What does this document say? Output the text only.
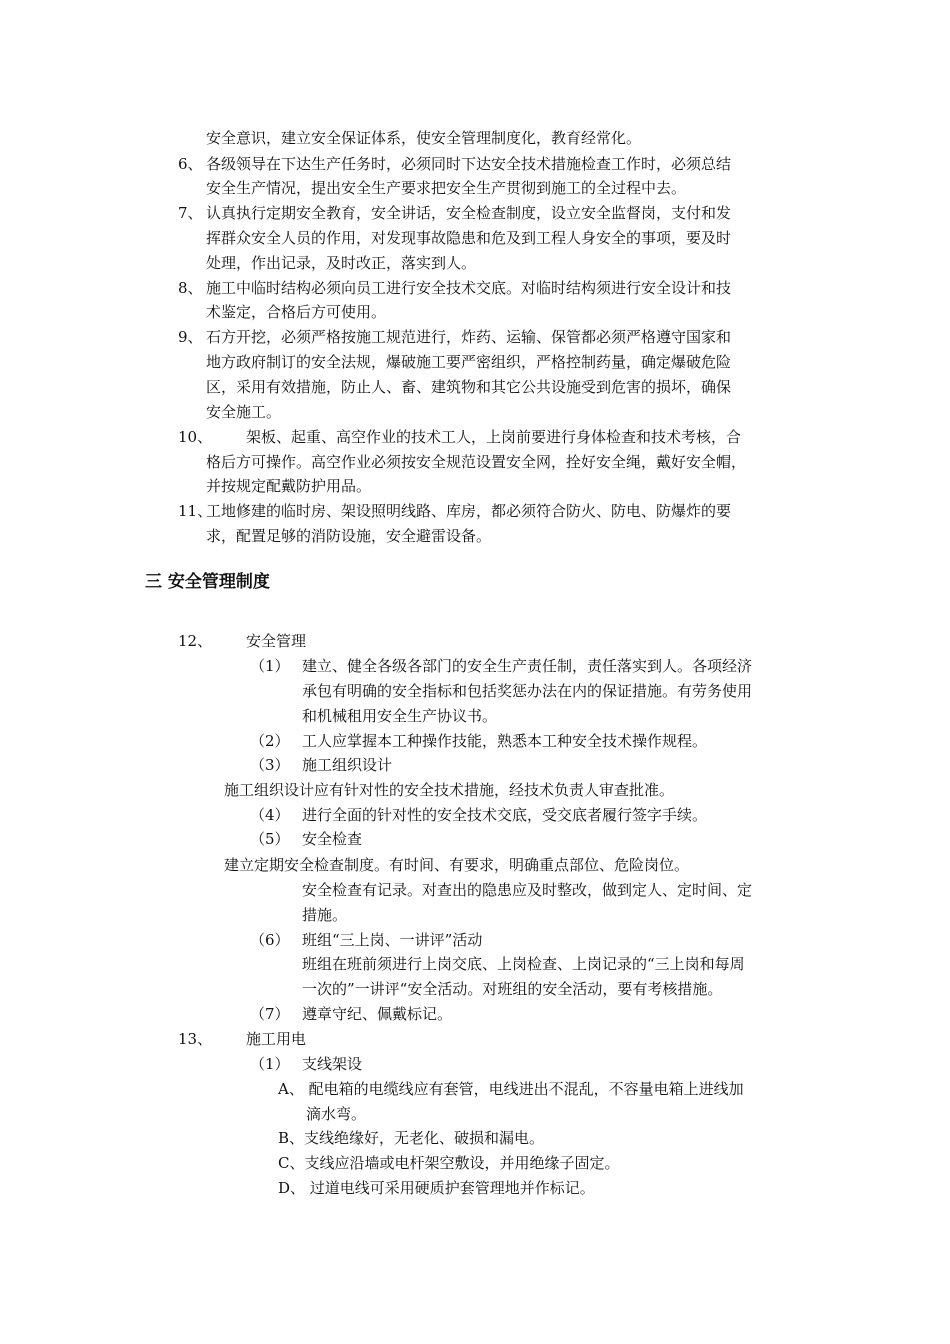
安全意识，建立安全保证体系，使安全管理制度化，教育经常化。
6、 各级领导在下达生产任务时，必须同时下达安全技术措施检查工作时，必须总结
安全生产情况，提出安全生产要求把安全生产贯彻到施工的全过程中去。
7、 认真执行定期安全教育，安全讲话，安全检查制度，设立安全监督岗，支付和发
挥群众安全人员的作用，对发现事故隐患和危及到工程人身安全的事项，要及时
处理，作出记录，及时改正，落实到人。
8、 施工中临时结构必须向员工进行安全技术交底。对临时结构须进行安全设计和技
术鉴定，合格后方可使用。
9、 石方开挖，必须严格按施工规范进行，炸药、运输、保管都必须严格遵守国家和
地方政府制订的安全法规，爆破施工要严密组织，严格控制药量，确定爆破危险
区，采用有效措施，防止人、畜、建筑物和其它公共设施受到危害的损坏，确保
安全施工。
10、 架板、起重、高空作业的技术工人，上岗前要进行身体检查和技术考核，合
格后方可操作。高空作业必须按安全规范设置安全网，拴好安全绳，戴好安全帽，
并按规定配戴防护用品。
11、
工地修建的临时房、架设照明线路、库房，都必须符合防火、防电、防爆炸的要
求，配置足够的消防设施，安全避雷设备。
三 安全管理制度
12、 安全管理
（1） 建立、健全各级各部门的安全生产责任制，责任落实到人。各项经济
承包有明确的安全指标和包括奖惩办法在内的保证措施。有劳务使用
和机械租用安全生产协议书。
（2） 工人应掌握本工种操作技能，熟悉本工种安全技术操作规程。
（3） 施工组织设计
施工组织设计应有针对性的安全技术措施，经技术负责人审查批准。
（4） 进行全面的针对性的安全技术交底，受交底者履行签字手续。
（5） 安全检查
建立定期安全检查制度。有时间、有要求，明确重点部位、危险岗位。
安全检查有记录。对查出的隐患应及时整改，做到定人、定时间、定
措施。
（6） 班组“三上岗、一讲评”活动
班组在班前须进行上岗交底、上岗检查、上岗记录的“三上岗和每周
一次的”一讲评“安全活动。对班组的安全活动，要有考核措施。
（7） 遵章守纪、佩戴标记。
13、 施工用电
（1） 支线架设
A、 配电箱的电缆线应有套管，电线进出不混乱，不容量电箱上进线加
滴水弯。
B、支线绝缘好，无老化、破损和漏电。
C、支线应沿墙或电杆架空敷设，并用绝缘子固定。
D、 过道电线可采用硬质护套管理地并作标记。
